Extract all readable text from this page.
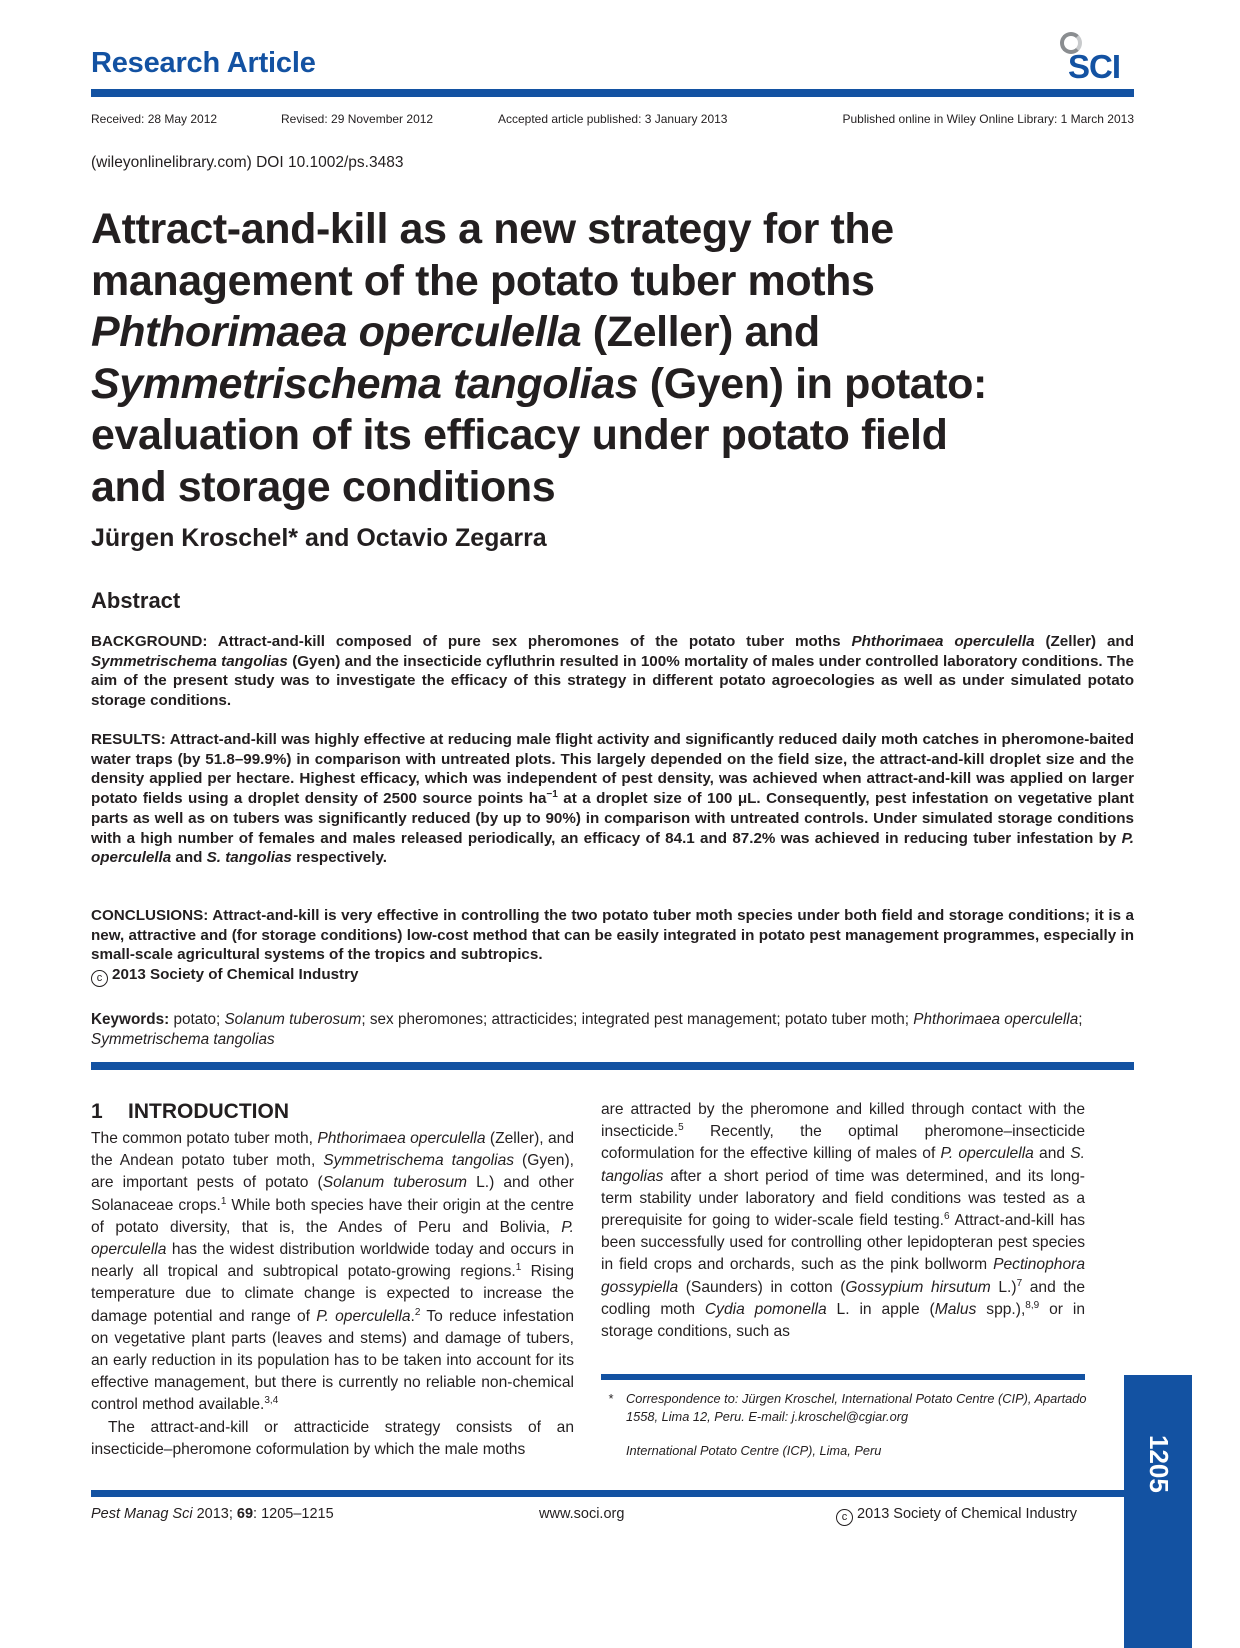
Research Article	SCI
Received: 28 May 2012	Revised: 29 November 2012	Accepted article published: 3 January 2013	Published online in Wiley Online Library: 1 March 2013
(wileyonlinelibrary.com) DOI 10.1002/ps.3483
Attract-and-kill as a new strategy for the
management of the potato tuber moths
Phthorimaea operculella (Zeller) and
Symmetrischema tangolias (Gyen) in potato:
evaluation of its efficacy under potato field
and storage conditions
Jürgen Kroschel* and Octavio Zegarra
Abstract
BACKGROUND: Attract-and-kill composed of pure sex pheromones of the potato tuber moths Phthorimaea operculella (Zeller) and Symmetrischema tangolias (Gyen) and the insecticide cyfluthrin resulted in 100% mortality of males under controlled laboratory conditions. The aim of the present study was to investigate the efficacy of this strategy in different potato agroecologies as well as under simulated potato storage conditions.
RESULTS: Attract-and-kill was highly effective at reducing male flight activity and significantly reduced daily moth catches in pheromone-baited water traps (by 51.8–99.9%) in comparison with untreated plots. This largely depended on the field size, the attract-and-kill droplet size and the density applied per hectare. Highest efficacy, which was independent of pest density, was achieved when attract-and-kill was applied on larger potato fields using a droplet density of 2500 source points $ha^{-1}$ at a droplet size of 100 μL. Consequently, pest infestation on vegetative plant parts as well as on tubers was significantly reduced (by up to 90%) in comparison with untreated controls. Under simulated storage conditions with a high number of females and males released periodically, an efficacy of 84.1 and 87.2% was achieved in reducing tuber infestation by P. operculella and S. tangolias respectively.
CONCLUSIONS: Attract-and-kill is very effective in controlling the two potato tuber moth species under both field and storage conditions; it is a new, attractive and (for storage conditions) low-cost method that can be easily integrated in potato pest management programmes, especially in small-scale agricultural systems of the tropics and subtropics.
c 2013 Society of Chemical Industry
Keywords: potato; Solanum tuberosum; sex pheromones; attracticides; integrated pest management; potato tuber moth; Phthorimaea operculella; Symmetrischema tangolias
1 INTRODUCTION

The common potato tuber moth, Phthorimaea operculella (Zeller), and the Andean potato tuber moth, Symmetrischema tangolias (Gyen), are important pests of potato (Solanum tuberosum L.) and other Solanaceae crops.$^1$ While both species have their origin at the centre of potato diversity, that is, the Andes of Peru and Bolivia, P. operculella has the widest distribution worldwide today and occurs in nearly all tropical and subtropical potato-growing regions.$^1$ Rising temperature due to climate change is expected to increase the damage potential and range of P. operculella.$^2$ To reduce infestation on vegetative plant parts (leaves and stems) and damage of tubers, an early reduction in its population has to be taken into account for its effective management, but there is currently no reliable non-chemical control method available.$^{3,4}$

The attract-and-kill or attracticide strategy consists of an insecticide–pheromone coformulation by which the male moths

are attracted by the pheromone and killed through contact with the insecticide.$^5$ Recently, the optimal pheromone–insecticide coformulation for the effective killing of males of P. operculella and S. tangolias after a short period of time was determined, and its long-term stability under laboratory and field conditions was tested as a prerequisite for going to wider-scale field testing.$^6$ Attract-and-kill has been successfully used for controlling other lepidopteran pest species in field crops and orchards, such as the pink bollworm Pectinophora gossypiella (Saunders) in cotton (Gossypium hirsutum L.)$^7$ and the codling moth Cydia pomonella L. in apple (Malus spp.),$^{8,9}$ or in storage conditions, such as

*	Correspondence to: Jürgen Kroschel, International Potato Centre (CIP), Apartado 1558, Lima 12, Peru. E-mail: j.kroschel@cgiar.org
International Potato Centre (ICP), Lima, Peru
Pest Manag Sci 2013; 69: 1205–1215	www.soci.org	c 2013 Society of Chemical Industry
1205
